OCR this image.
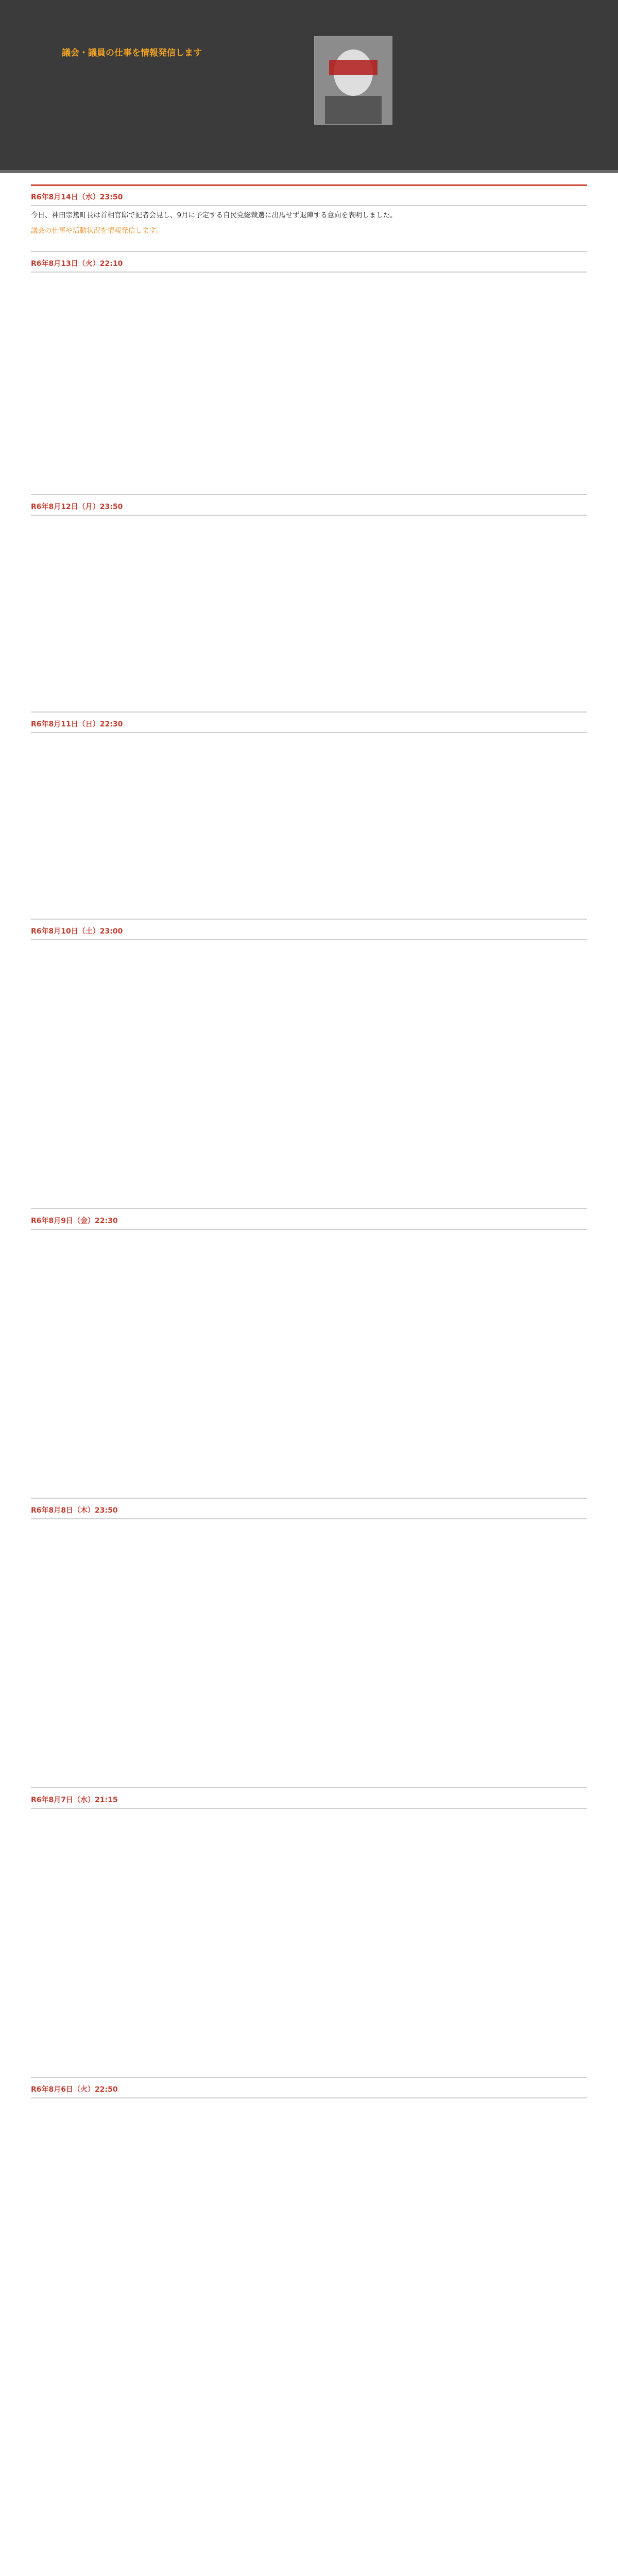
議会・議員の仕事を情報発信します
R6年8月14日（水）23:50

今日、神田宗篤町長は首相官邸で記者会見し、9月に予定する自民党総裁選に出馬せず退陣する意向を表明しました。

議会の仕事や活動状況を情報発信します。

R6年8月13日（火）22:10
R6年8月12日（月）23:50
R6年8月11日（日）22:30
R6年8月10日（土）23:00
R6年8月9日（金）22:30
R6年8月8日（木）23:50
R6年8月7日（水）21:15
R6年8月6日（火）22:50
